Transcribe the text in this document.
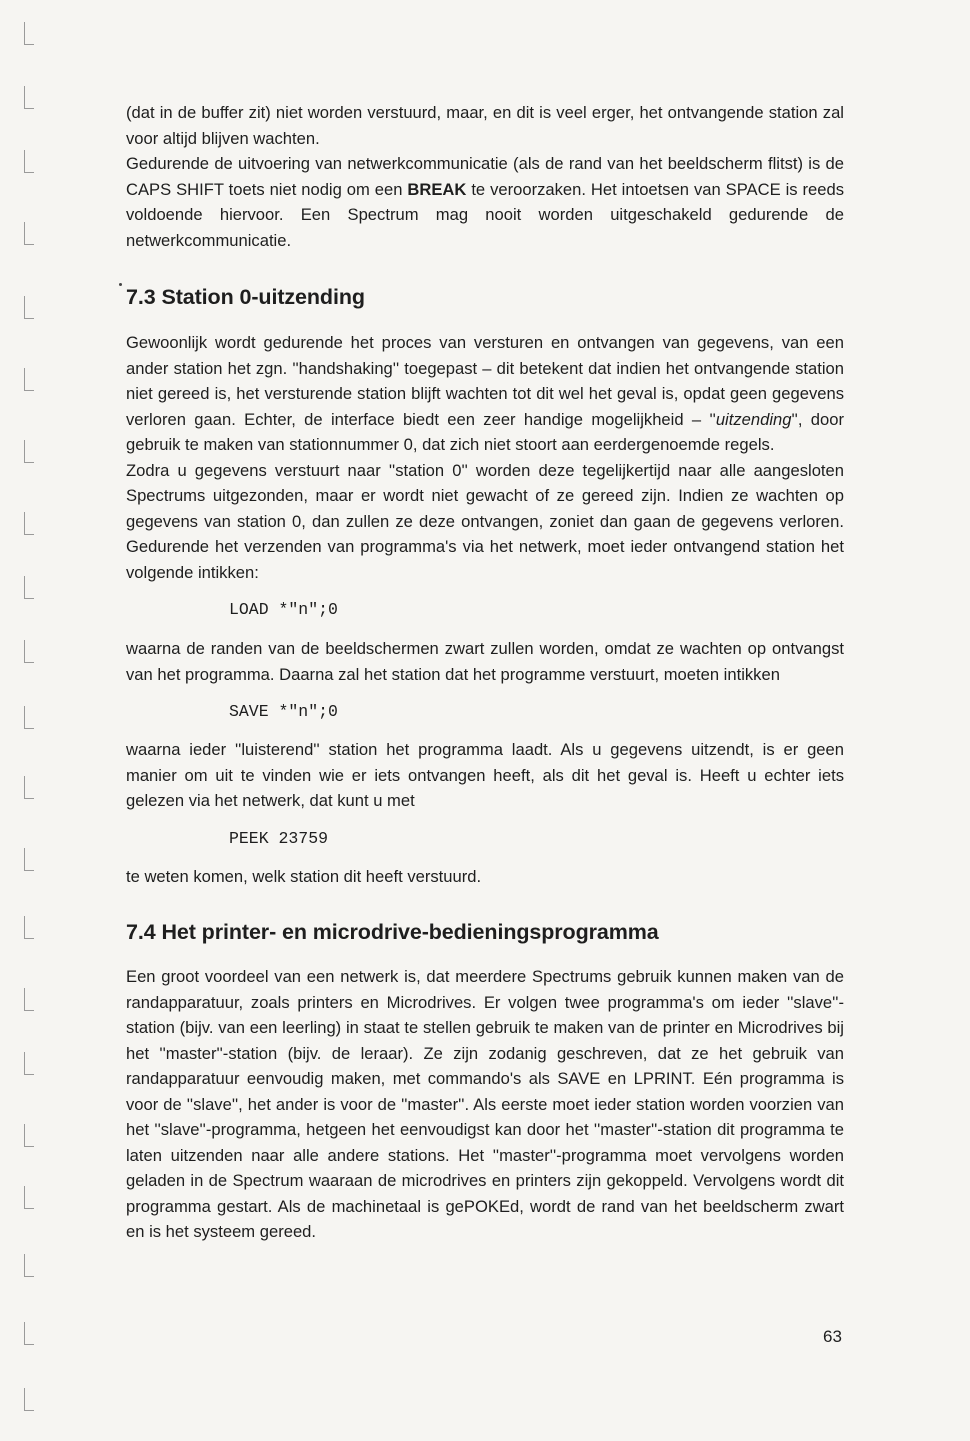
(dat in de buffer zit) niet worden verstuurd, maar, en dit is veel erger, het ontvangende station zal voor altijd blijven wachten.

Gedurende de uitvoering van netwerkcommunicatie (als de rand van het beeldscherm flitst) is de CAPS SHIFT toets niet nodig om een BREAK te veroorzaken. Het intoetsen van SPACE is reeds voldoende hiervoor. Een Spectrum mag nooit worden uitgeschakeld gedurende de netwerkcommunicatie.

7.3 Station 0-uitzending

Gewoonlijk wordt gedurende het proces van versturen en ontvangen van gegevens, van een ander station het zgn. ''handshaking'' toegepast – dit betekent dat indien het ontvangende station niet gereed is, het versturende station blijft wachten tot dit wel het geval is, opdat geen gegevens verloren gaan. Echter, de interface biedt een zeer handige mogelijkheid – ''uitzending'', door gebruik te maken van stationnummer 0, dat zich niet stoort aan eerdergenoemde regels.

Zodra u gegevens verstuurt naar ''station 0'' worden deze tegelijkertijd naar alle aangesloten Spectrums uitgezonden, maar er wordt niet gewacht of ze gereed zijn. Indien ze wachten op gegevens van station 0, dan zullen ze deze ontvangen, zoniet dan gaan de gegevens verloren. Gedurende het verzenden van programma's via het netwerk, moet ieder ontvangend station het volgende intikken:

LOAD *"n";0

waarna de randen van de beeldschermen zwart zullen worden, omdat ze wachten op ontvangst van het programma. Daarna zal het station dat het programme verstuurt, moeten intikken

SAVE *"n";0

waarna ieder ''luisterend'' station het programma laadt. Als u gegevens uitzendt, is er geen manier om uit te vinden wie er iets ontvangen heeft, als dit het geval is. Heeft u echter iets gelezen via het netwerk, dat kunt u met

PEEK 23759

te weten komen, welk station dit heeft verstuurd.

7.4 Het printer- en microdrive-bedieningsprogramma

Een groot voordeel van een netwerk is, dat meerdere Spectrums gebruik kunnen maken van de randapparatuur, zoals printers en Microdrives. Er volgen twee programma's om ieder ''slave''-station (bijv. van een leerling) in staat te stellen gebruik te maken van de printer en Microdrives bij het ''master''-station (bijv. de leraar). Ze zijn zodanig geschreven, dat ze het gebruik van randapparatuur eenvoudig maken, met commando's als SAVE en LPRINT. Eén programma is voor de ''slave'', het ander is voor de ''master''. Als eerste moet ieder station worden voorzien van het ''slave''-programma, hetgeen het eenvoudigst kan door het ''master''-station dit programma te laten uitzenden naar alle andere stations. Het ''master''-programma moet vervolgens worden geladen in de Spectrum waaraan de microdrives en printers zijn gekoppeld. Vervolgens wordt dit programma gestart. Als de machinetaal is gePOKEd, wordt de rand van het beeldscherm zwart en is het systeem gereed.

63
